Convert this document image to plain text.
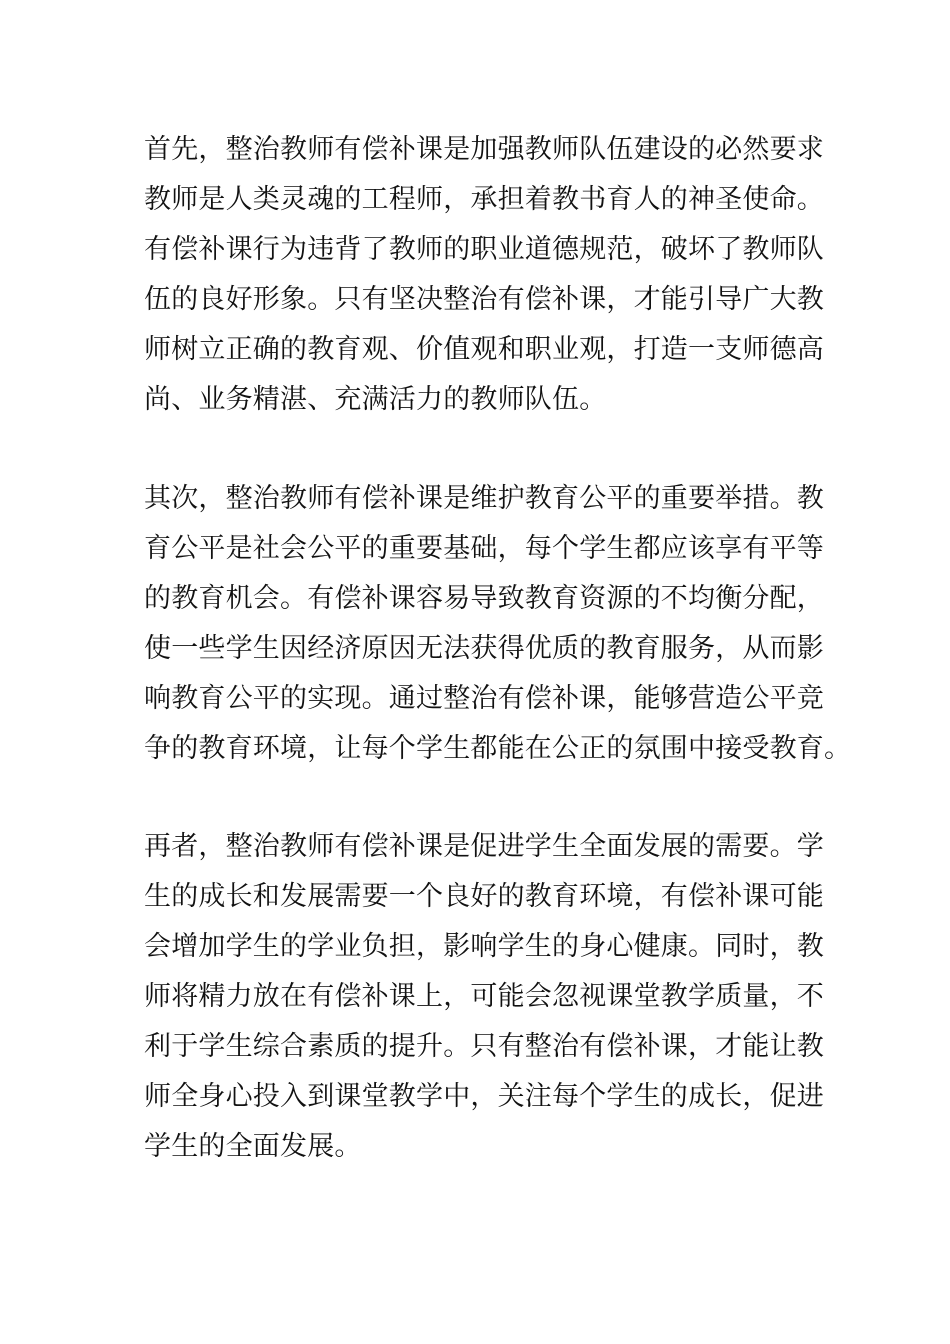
首先，整治教师有偿补课是加强教师队伍建设的必然要求
教师是人类灵魂的工程师，承担着教书育人的神圣使命。
有偿补课行为违背了教师的职业道德规范，破坏了教师队
伍的良好形象。只有坚决整治有偿补课，才能引导广大教
师树立正确的教育观、价值观和职业观，打造一支师德高
尚、业务精湛、充满活力的教师队伍。
其次，整治教师有偿补课是维护教育公平的重要举措。教
育公平是社会公平的重要基础，每个学生都应该享有平等
的教育机会。有偿补课容易导致教育资源的不均衡分配，
使一些学生因经济原因无法获得优质的教育服务，从而影
响教育公平的实现。通过整治有偿补课，能够营造公平竞
争的教育环境，让每个学生都能在公正的氛围中接受教育。
再者，整治教师有偿补课是促进学生全面发展的需要。学
生的成长和发展需要一个良好的教育环境，有偿补课可能
会增加学生的学业负担，影响学生的身心健康。同时，教
师将精力放在有偿补课上，可能会忽视课堂教学质量，不
利于学生综合素质的提升。只有整治有偿补课，才能让教
师全身心投入到课堂教学中，关注每个学生的成长，促进
学生的全面发展。
